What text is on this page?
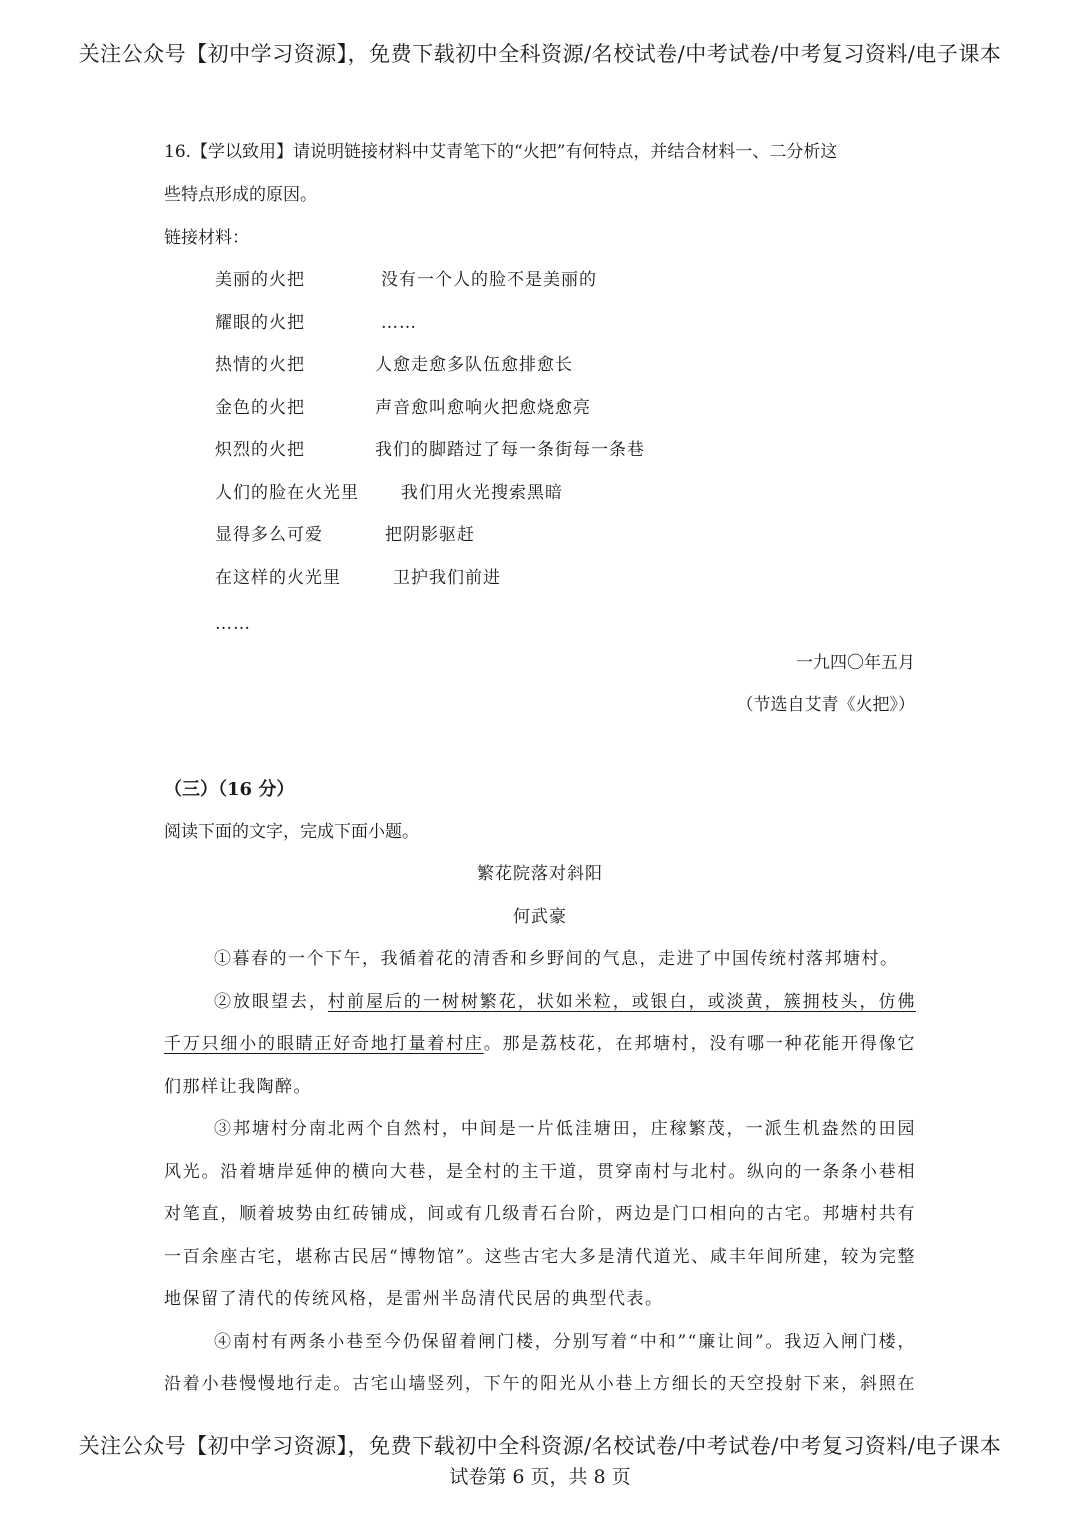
关注公众号【初中学习资源】，免费下载初中全科资源/名校试卷/中考试卷/中考复习资料/电子课本
16.【学以致用】请说明链接材料中艾青笔下的“火把”有何特点，并结合材料一、二分析这
些特点形成的原因。
链接材料：
美丽的火把	没有一个人的脸不是美丽的
耀眼的火把	……
热情的火把	人愈走愈多队伍愈排愈长
金色的火把	声音愈叫愈响火把愈烧愈亮
炽烈的火把	我们的脚踏过了每一条街每一条巷
人们的脸在火光里 我们用火光搜索黑暗
显得多么可爱	把阴影驱赶
在这样的火光里	卫护我们前进
……
一九四〇年五月
（节选自艾青《火把》）
（三）（16 分）
阅读下面的文字，完成下面小题。
繁花院落对斜阳
何武豪
①暮春的一个下午，我循着花的清香和乡野间的气息，走进了中国传统村落邦塘村。
②放眼望去，村前屋后的一树树繁花，状如米粒，或银白，或淡黄，簇拥枝头，仿佛
千万只细小的眼睛正好奇地打量着村庄。那是荔枝花，在邦塘村，没有哪一种花能开得像它
们那样让我陶醉。
③邦塘村分南北两个自然村，中间是一片低洼塘田，庄稼繁茂，一派生机盎然的田园
风光。沿着塘岸延伸的横向大巷，是全村的主干道，贯穿南村与北村。纵向的一条条小巷相
对笔直，顺着坡势由红砖铺成，间或有几级青石台阶，两边是门口相向的古宅。邦塘村共有
一百余座古宅，堪称古民居“博物馆”。这些古宅大多是清代道光、咸丰年间所建，较为完整
地保留了清代的传统风格，是雷州半岛清代民居的典型代表。
④南村有两条小巷至今仍保留着闸门楼，分别写着“中和”“廉让间”。我迈入闸门楼，
沿着小巷慢慢地行走。古宅山墙竖列，下午的阳光从小巷上方细长的天空投射下来，斜照在
关注公众号【初中学习资源】，免费下载初中全科资源/名校试卷/中考试卷/中考复习资料/电子课本
试卷第 6 页，共 8 页
